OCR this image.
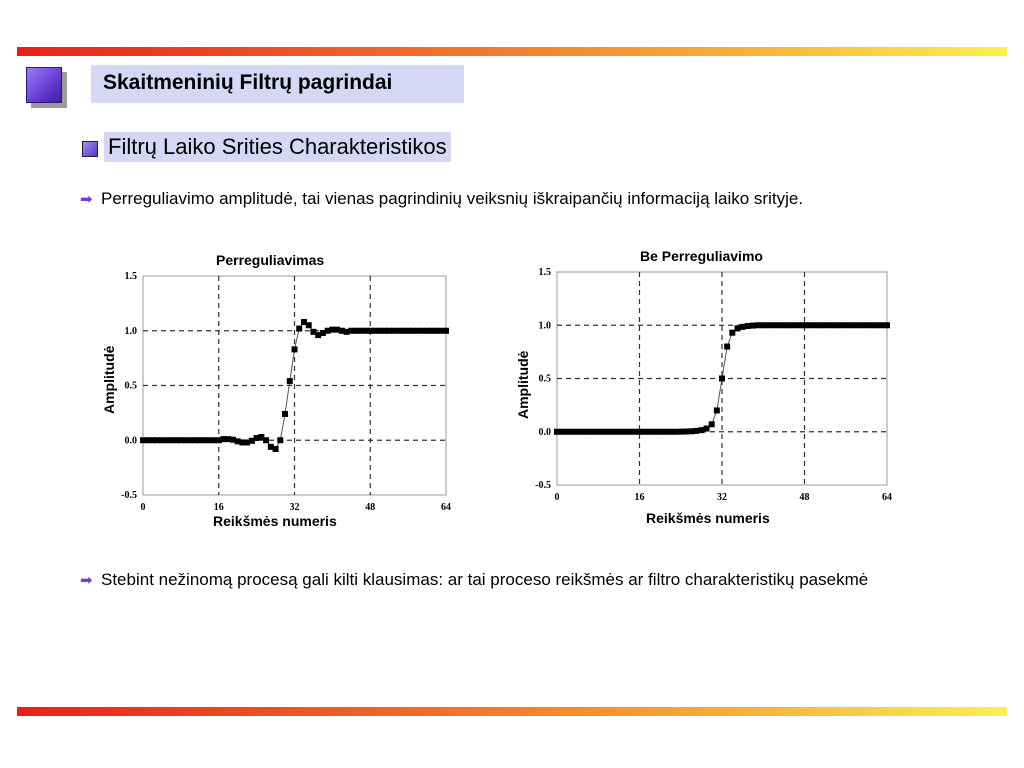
Skaitmeninių Filtrų pagrindai
Filtrų Laiko Srities Charakteristikos
➡ Perreguliavimo amplitudė, tai vienas pagrindinių veiksnių iškraipančių informaciją laiko srityje.
Perreguliavimas
Amplitudė
Reikšmės numeris
0	16	32	48	64
-0.5
0.0
0.5
1.0
1.5
Be Perreguliavimo
Amplitudė
Reikšmės numeris
0	16	32	48	64
-0.5
0.0
0.5
1.0
1.5
➡ Stebint nežinomą procesą gali kilti klausimas: ar tai proceso reikšmės ar filtro charakteristikų pasekmė
